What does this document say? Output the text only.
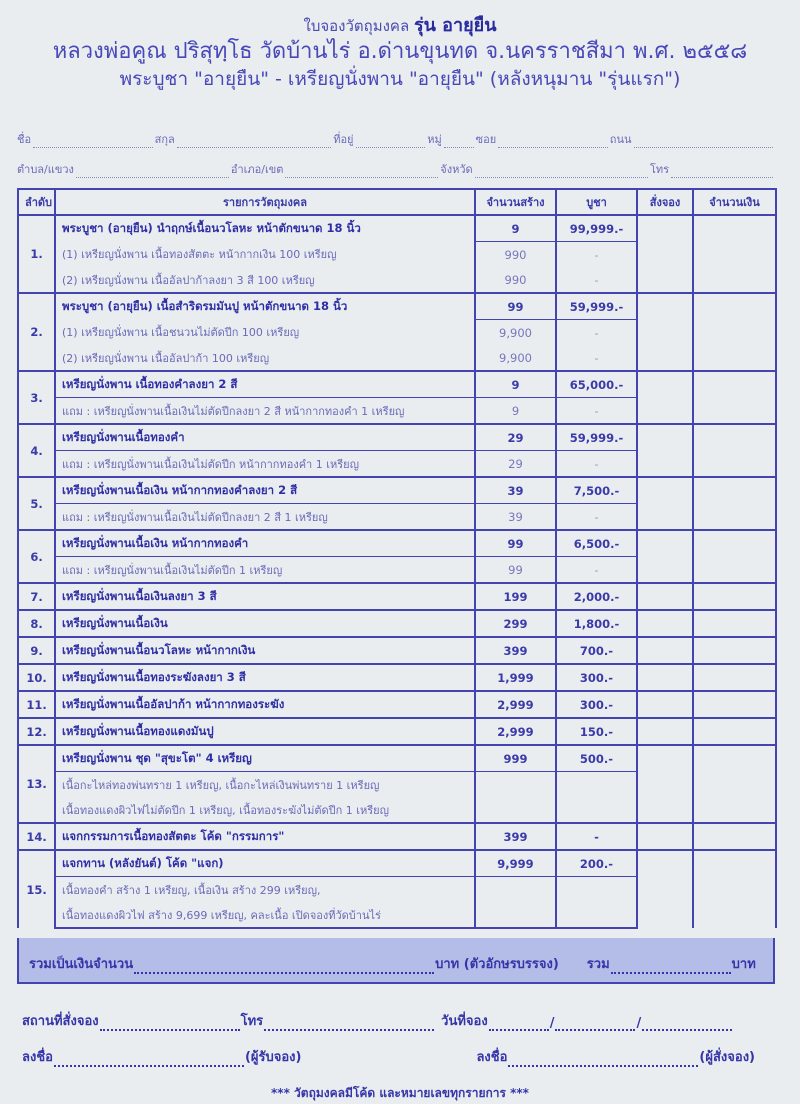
ใบจองวัตถุมงคล รุ่น อายุยืน
หลวงพ่อคูณ ปริสุทฺโธ วัดบ้านไร่ อ.ด่านขุนทด จ.นครราชสีมา พ.ศ. ๒๕๕๘
พระบูชา "อายุยืน" - เหรียญนั่งพาน "อายุยืน" (หลังหนุมาน "รุ่นแรก")
ชื่อ	สกุล	ที่อยู่	หมู่	ซอย	ถนน
ตำบล/แขวง	อำเภอ/เขต	จังหวัด	โทร
ลำดับ	รายการวัตถุมงคล	จำนวนสร้าง	บูชา	สั่งจอง	จำนวนเงิน
1.	พระบูชา (อายุยืน) นำฤกษ์เนื้อนวโลหะ หน้าตักขนาด 18 นิ้ว	9	99,999.-		
	(1) เหรียญนั่งพาน เนื้อทองสัตตะ หน้ากากเงิน 100 เหรียญ	990	-		
	(2) เหรียญนั่งพาน เนื้ออัลปาก้าลงยา 3 สี 100 เหรียญ	990	-		
2.	พระบูชา (อายุยืน) เนื้อสำริดรมมันปู หน้าตักขนาด 18 นิ้ว	99	59,999.-		
	(1) เหรียญนั่งพาน เนื้อชนวนไม่ตัดปีก 100 เหรียญ	9,900	-		
	(2) เหรียญนั่งพาน เนื้ออัลปาก้า 100 เหรียญ	9,900	-		
3.	เหรียญนั่งพาน เนื้อทองคำลงยา 2 สี	9	65,000.-		
	แถม : เหรียญนั่งพานเนื้อเงินไม่ตัดปีกลงยา 2 สี หน้ากากทองคำ 1 เหรียญ	9	-		
4.	เหรียญนั่งพานเนื้อทองคำ	29	59,999.-		
	แถม : เหรียญนั่งพานเนื้อเงินไม่ตัดปีก หน้ากากทองคำ 1 เหรียญ	29	-		
5.	เหรียญนั่งพานเนื้อเงิน หน้ากากทองคำลงยา 2 สี	39	7,500.-		
	แถม : เหรียญนั่งพานเนื้อเงินไม่ตัดปีกลงยา 2 สี 1 เหรียญ	39	-		
6.	เหรียญนั่งพานเนื้อเงิน หน้ากากทองคำ	99	6,500.-		
	แถม : เหรียญนั่งพานเนื้อเงินไม่ตัดปีก 1 เหรียญ	99	-		
7.	เหรียญนั่งพานเนื้อเงินลงยา 3 สี	199	2,000.-		
8.	เหรียญนั่งพานเนื้อเงิน	299	1,800.-		
9.	เหรียญนั่งพานเนื้อนวโลหะ หน้ากากเงิน	399	700.-		
10.	เหรียญนั่งพานเนื้อทองระฆังลงยา 3 สี	1,999	300.-		
11.	เหรียญนั่งพานเนื้ออัลปาก้า หน้ากากทองระฆัง	2,999	300.-		
12.	เหรียญนั่งพานเนื้อทองแดงมันปู	2,999	150.-		
13.	เหรียญนั่งพาน ชุด "สุขะโต" 4 เหรียญ	999	500.-		
	เนื้อกะไหล่ทองพ่นทราย 1 เหรียญ, เนื้อกะไหล่เงินพ่นทราย 1 เหรียญ				
	เนื้อทองแดงผิวไฟไม่ตัดปีก 1 เหรียญ, เนื้อทองระฆังไม่ตัดปีก 1 เหรียญ				
14.	แจกกรรมการเนื้อทองสัตตะ โค้ด "กรรมการ"	399	-		
15.	แจกทาน (หลังยันต์) โค้ด "แจก)	9,999	200.-		
	เนื้อทองคำ สร้าง 1 เหรียญ, เนื้อเงิน สร้าง 299 เหรียญ,				
	เนื้อทองแดงผิวไฟ สร้าง 9,699 เหรียญ, คละเนื้อ เปิดจองที่วัดบ้านไร่				
รวมเป็นเงินจำนวน	บาท (ตัวอักษรบรรจง) รวม	บาท
สถานที่สั่งจอง	โทร	วันที่จอง	/	/
ลงชื่อ	(ผู้รับจอง)	ลงชื่อ	(ผู้สั่งจอง)
*** วัตถุมงคลมีโค้ด และหมายเลขทุกรายการ ***
